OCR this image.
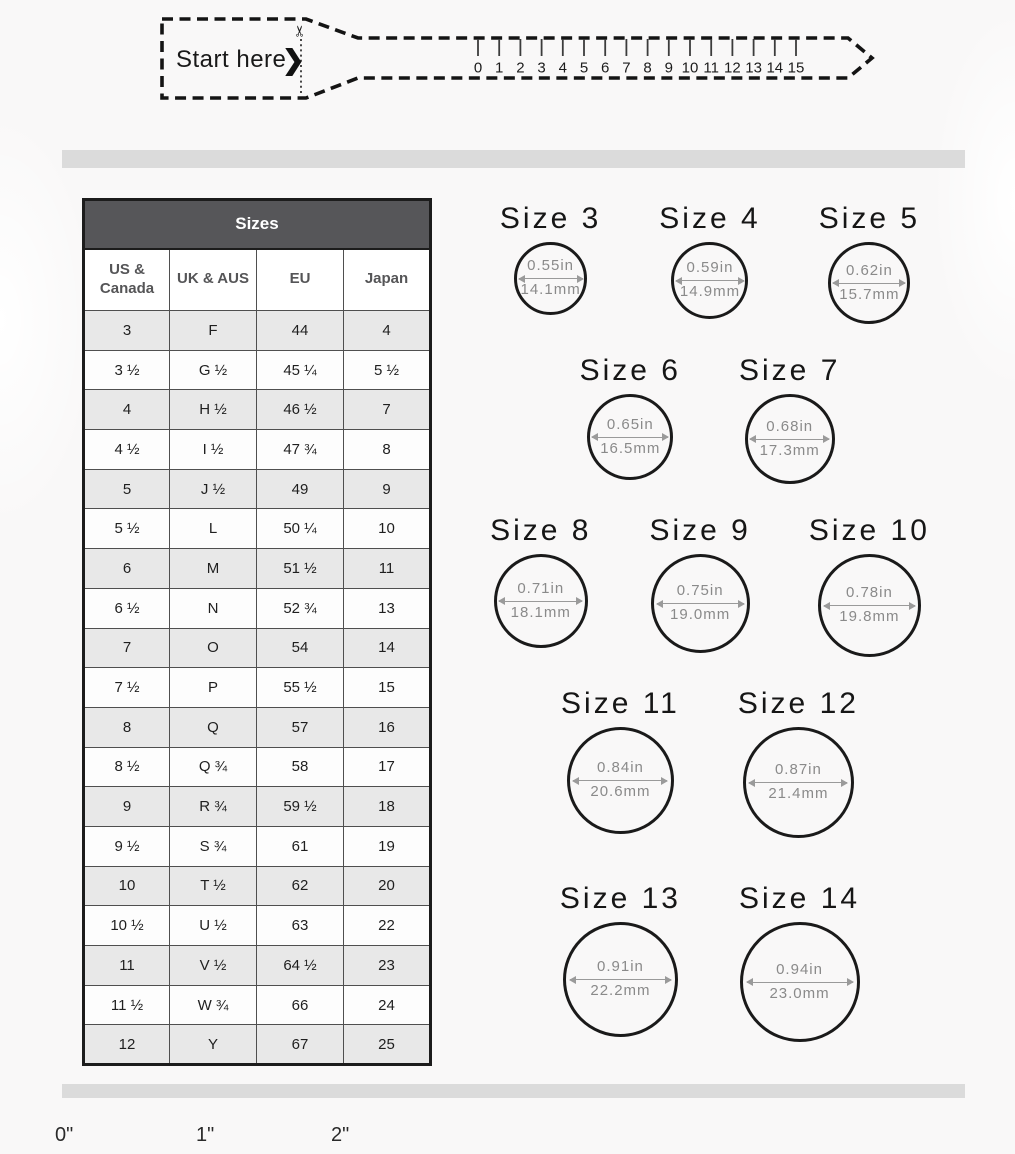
Start here
❯
✂
0 1 2 3 4 5 6 7 8 9 10 11 12 13 14 15
Sizes			
US & Canada	UK & AUS	EU	Japan
3	F	44	4
3 ½	G ½	45 ¼	5 ½
4	H ½	46 ½	7
4 ½	I ½	47 ¾	8
5	J ½	49	9
5 ½	L	50 ¼	10
6	M	51 ½	11
6 ½	N	52 ¾	13
7	O	54	14
7 ½	P	55 ½	15
8	Q	57	16
8 ½	Q ¾	58	17
9	R ¾	59 ½	18
9 ½	S ¾	61	19
10	T ½	62	20
10 ½	U ½	63	22
11	V ½	64 ½	23
11 ½	W ¾	66	24
12	Y	67	25
Size 3
0.55in
14.1mm
Size 4
0.59in
14.9mm
Size 5
0.62in
15.7mm
Size 6
0.65in
16.5mm
Size 7
0.68in
17.3mm
Size 8
0.71in
18.1mm
Size 9
0.75in
19.0mm
Size 10
0.78in
19.8mm
Size 11
0.84in
20.6mm
Size 12
0.87in
21.4mm
Size 13
0.91in
22.2mm
Size 14
0.94in
23.0mm
0"	1"	2"
